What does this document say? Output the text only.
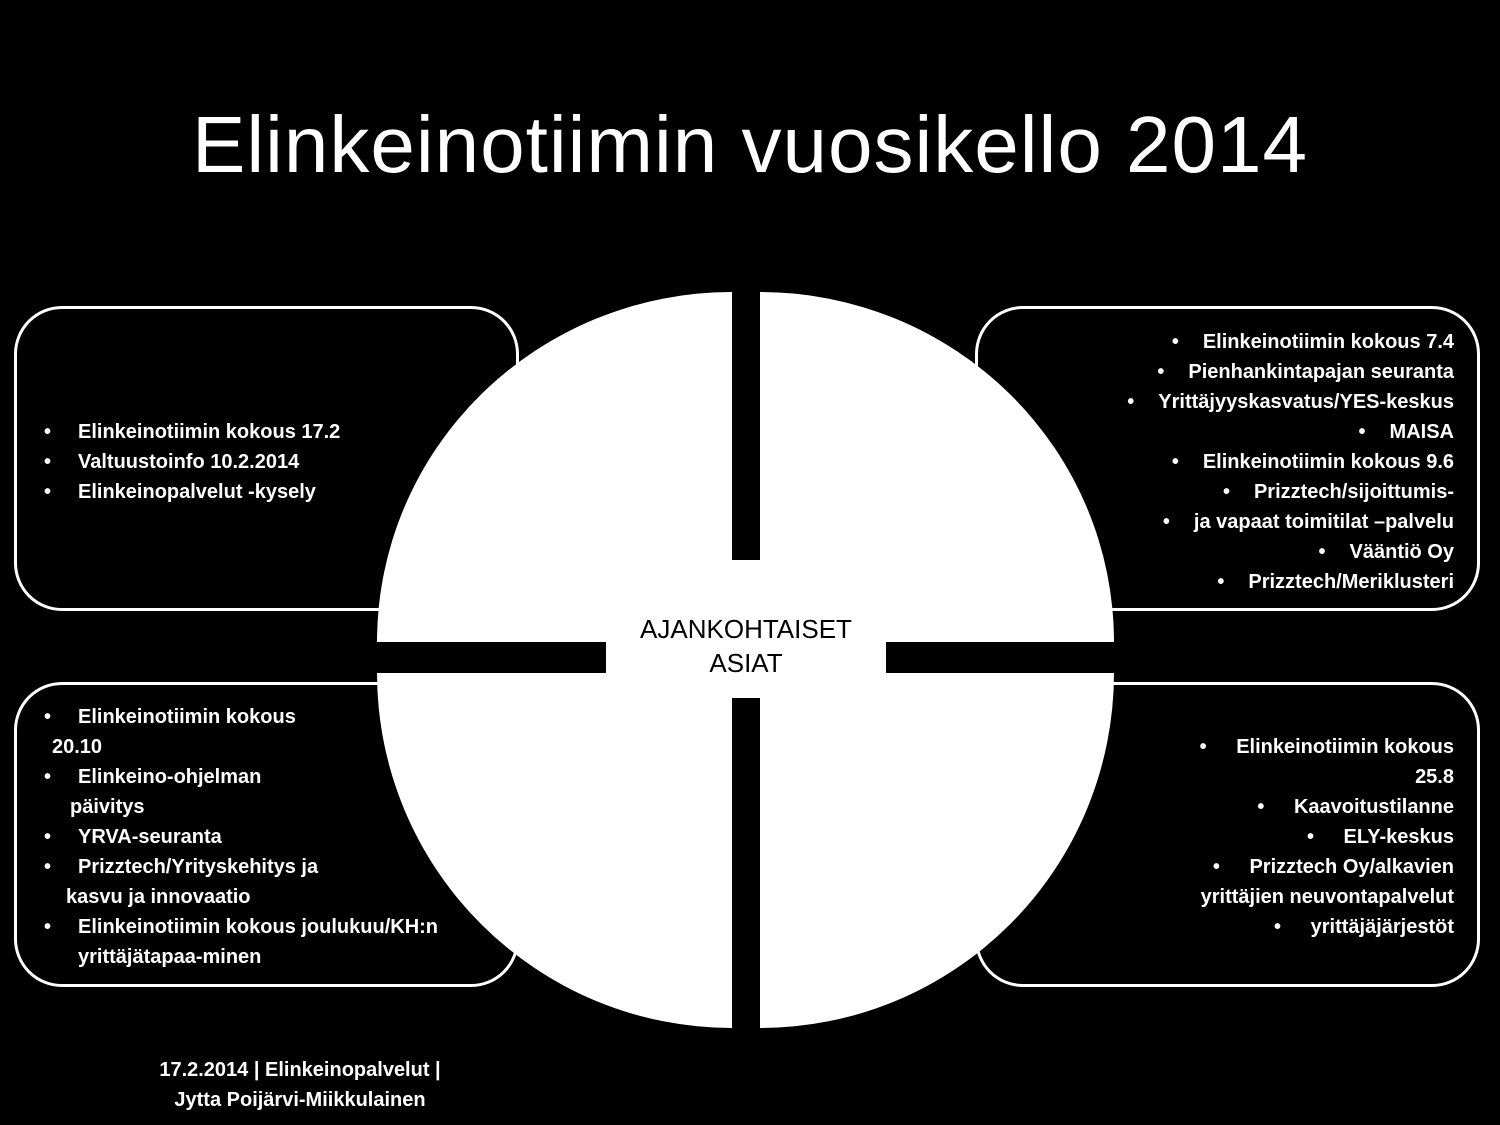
Elinkeinotiimin vuosikello 2014
AJANKOHTAISET
ASIAT
• Elinkeinotiimin kokous 17.2
• Valtuustoinfo 10.2.2014
• Elinkeinopalvelut -kysely
• Elinkeinotiimin kokous 7.4
• Pienhankintapajan seuranta
• Yrittäjyyskasvatus/YES-keskus
• MAISA
• Elinkeinotiimin kokous 9.6
• Prizztech/sijoittumis-
• ja vapaat toimitilat –palvelu
• Vääntiö Oy
• Prizztech/Meriklusteri
• Elinkeinotiimin kokous
20.10
• Elinkeino-ohjelman
päivitys
• YRVA-seuranta
• Prizztech/Yrityskehitys ja
kasvu ja innovaatio
• Elinkeinotiimin kokous joulukuu/KH:n
yrittäjätapaa-minen
• Elinkeinotiimin kokous
25.8
• Kaavoitustilanne
• ELY-keskus
• Prizztech Oy/alkavien
yrittäjien neuvontapalvelut
• yrittäjäjärjestöt
17.2.2014 | Elinkeinopalvelut |
Jytta Poijärvi-Miikkulainen
